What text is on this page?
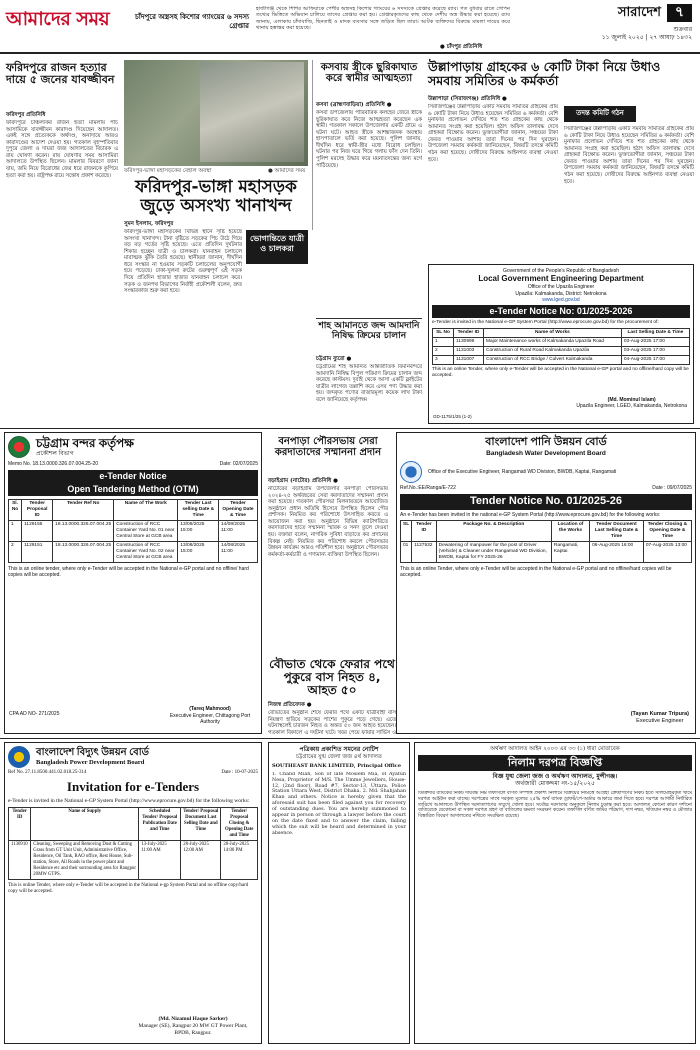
আমাদের সময়	চাঁদপুরে অস্ত্রসহ কিশোর গ্যাংয়ের ৬ সদস্য গ্রেপ্তার
হাজীগঞ্জ থেকে শিশির আফিয়াকে পেশীর অস্ত্রসহ কিশোর গ্যাংয়ের ৬ সদস্যকে গ্রেপ্তার করেছে র‍্যাব। গত বুধবার রাতে গোপন তথ্যের ভিত্তিতে অভিযান চালিয়ে তাদের গ্রেপ্তার করা হয়। গ্রেপ্তারকৃতদের কাছ থেকে দেশীয় অস্ত্র উদ্ধার করা হয়েছে। র‍্যাব জানায়, এলাকায় চাঁদাবাজি, ছিনতাই ও মাদক ব্যবসার সঙ্গে জড়িত ছিল তারা। আটক ব্যক্তিদের বিরুদ্ধে মামলা দায়ের করে থানায় হস্তান্তর করা হয়েছে।
● চাঁদপুর প্রতিনিধি
সারাদেশ ৭
শুক্রবার
১১ জুলাই ২০২৫ | ২৭ আষাঢ় ১৪৩২
ফরিদপুরে রাজন হত্যার দায়ে ৫ জনের যাবজ্জীবন
ফরিদপুর প্রতিনিধি
ফরিদপুরে চাঞ্চল্যকর রাজন হত্যা মামলায় পাঁচ আসামিকে যাবজ্জীবন কারাদণ্ড দিয়েছেন আদালত। একই সঙ্গে প্রত্যেককে অর্থদণ্ড, অনাদায়ে আরও কারাদণ্ডের আদেশ দেওয়া হয়। গতকাল বৃহস্পতিবার দুপুরে জেলা ও দায়রা জজ আদালতের বিচারক এ রায় ঘোষণা করেন। রায় ঘোষণার সময় আসামিরা আদালতে উপস্থিত ছিলেন। মামলার বিবরণে জানা যায়, জমি নিয়ে বিরোধের জের ধরে রাজনকে কুপিয়ে হত্যা করা হয়। রাষ্ট্রপক্ষ রায়ে সন্তোষ প্রকাশ করেছে।
ফরিদপুর-ভাঙ্গা মহাসড়কের বেহাল অবস্থা	● আমাদের সময়
ফরিদপুর-ভাঙ্গা মহাসড়ক জুড়ে অসংখ্য খানাখন্দ
সুমন ইসলাম, ফরিদপুর
ফরিদপুর-ভাঙ্গা মহাসড়কের বিভিন্ন স্থানে সৃষ্টি হয়েছে অসংখ্য খানাখন্দ। টানা বৃষ্টিতে সড়কের পিচ উঠে গিয়ে বড় বড় গর্তের সৃষ্টি হয়েছে। এতে প্রতিদিন দুর্ঘটনার শিকার হচ্ছেন যাত্রী ও চালকরা। যানবাহন চলাচলে মারাত্মক ঝুঁকি তৈরি হয়েছে। স্থানীয়রা জানান, দীর্ঘদিন ধরে সংস্কার না হওয়ায় সড়কটি চলাচলের অনুপযোগী হয়ে পড়েছে। ঢাকা-খুলনা রুটের গুরুত্বপূর্ণ এই সড়ক দিয়ে প্রতিদিন হাজার হাজার যানবাহন চলাচল করে। সড়ক ও জনপথ বিভাগের নির্বাহী প্রকৌশলী বলেন, দ্রুত সংস্কারকাজ শুরু করা হবে।
ভোগান্তিতে যাত্রী ও চালকরা
কসবায় স্ত্রীকে ছুরিকাঘাত করে স্বামীর আত্মহত্যা
কসবা (ব্রাহ্মণবাড়িয়া) প্রতিনিধি ●
কসবা উপজেলায় পারিবারিক কলহের জেরে স্ত্রীকে ছুরিকাঘাত করে নিজে আত্মহত্যা করেছেন এক স্বামী। গতকাল সকালে উপজেলার একটি গ্রামে এ ঘটনা ঘটে। আহত স্ত্রীকে আশঙ্কাজনক অবস্থায় হাসপাতালে ভর্তি করা হয়েছে। পুলিশ জানায়, দীর্ঘদিন ধরে স্বামী-স্ত্রীর মধ্যে বিরোধ চলছিল। ঘটনার পর নিজ ঘরে গিয়ে গলায় ফাঁস দেন তিনি। পুলিশ মরদেহ উদ্ধার করে ময়নাতদন্তের জন্য মর্গে পাঠিয়েছে।
উল্লাপাড়ায় গ্রাহকের ৬ কোটি টাকা নিয়ে উধাও সমবায় সমিতির ৬ কর্মকর্তা
উল্লাপাড়া (সিরাজগঞ্জ) প্রতিনিধি ●
সিরাজগঞ্জের উল্লাপাড়ায় একটি সমবায় সমিতির গ্রাহকের প্রায় ৬ কোটি টাকা নিয়ে উধাও হয়েছেন সমিতির ৬ কর্মকর্তা। বেশি মুনাফার প্রলোভন দেখিয়ে শত শত গ্রাহকের কাছ থেকে আমানত সংগ্রহ করা হয়েছিল। হঠাৎ অফিস তালাবদ্ধ দেখে গ্রাহকরা বিক্ষোভ করেন। ভুক্তভোগীরা জানান, সঞ্চয়ের টাকা ফেরত পাওয়ার আশায় তারা দিনের পর দিন ঘুরছেন। উপজেলা সমবায় কর্মকর্তা জানিয়েছেন, বিষয়টি তদন্তে কমিটি গঠন করা হয়েছে। দোষীদের বিরুদ্ধে আইনগত ব্যবস্থা নেওয়া হবে।
তদন্ত কমিটি গঠন
সিরাজগঞ্জের উল্লাপাড়ায় একটি সমবায় সমিতির গ্রাহকের প্রায় ৬ কোটি টাকা নিয়ে উধাও হয়েছেন সমিতির ৬ কর্মকর্তা। বেশি মুনাফার প্রলোভন দেখিয়ে শত শত গ্রাহকের কাছ থেকে আমানত সংগ্রহ করা হয়েছিল। হঠাৎ অফিস তালাবদ্ধ দেখে গ্রাহকরা বিক্ষোভ করেন। ভুক্তভোগীরা জানান, সঞ্চয়ের টাকা ফেরত পাওয়ার আশায় তারা দিনের পর দিন ঘুরছেন। উপজেলা সমবায় কর্মকর্তা জানিয়েছেন, বিষয়টি তদন্তে কমিটি গঠন করা হয়েছে। দোষীদের বিরুদ্ধে আইনগত ব্যবস্থা নেওয়া হবে।
শাহ আমানতে জব্দ আমদানি নিষিদ্ধ ক্রিমের চালান
চট্টগ্রাম ব্যুরো ●
চট্টগ্রামের শাহ আমানত আন্তর্জাতিক বিমানবন্দরে আমদানি নিষিদ্ধ বিপুল পরিমাণ ক্রিমের চালান জব্দ করেছে কাস্টমস। দুবাই থেকে আসা একটি ফ্লাইটের যাত্রীর লাগেজ তল্লাশি করে এসব পণ্য উদ্ধার করা হয়। জব্দকৃত পণ্যের বাজারমূল্য কয়েক লাখ টাকা বলে জানিয়েছে কর্তৃপক্ষ।
Government of the People's Republic of Bangladesh
Local Government Engineering Department
Office of the Upazila Engineer
Upazila: Kalmakanda, District: Netrokona
www.lged.gov.bd
e-Tender Notice No: 01/2025-2026
e-Tender is invited in the National e-GP System Portal (http://www.eprocure.gov.bd) for the procurement of:
SL No	Tender ID	Name of Works	Last Selling Date & Time
1	1130999	Major Maintenance works of Kalmakanda Upazila Road	03-Aug-2025 17:00
2	1131003	Construction of Rural Road Kalmakanda Upazila	03-Aug-2025 17:00
3	1131007	Construction of RCC Bridge / Culvert Kalmakanda	04-Aug-2025 17:00
This is an online Tender, where only e-Tender will be accepted in the National e-GP portal and no offline/hard copy will be accepted.
(Md. Mominul Islam)
Upazila Engineer, LGED, Kalmakanda, Netrokona
GD-1175/1/25 (1-2)
চট্টগ্রাম বন্দর কর্তৃপক্ষ
প্রকৌশল বিভাগ
Memo No. 18.13.0000.326.07.004.25-20	Date: 02/07/2025
e-Tender Notice
Open Tendering Method (OTM)
Sl. No	Tender Proposal ID	Tender Ref No	Name of The Work	Tender Last selling Date & Time	Tender Opening Date & Time
1	1129155	18.13.0000.326.07.004.25	Construction of RCC Container Yard No. 01 near Central Store at GCB area	13/08/2025 15:00	14/08/2025 11:00
2	1129151	18.13.0000.326.07.004.25	Construction of RCC Container Yard No. 02 near Central Store at GCB area	13/08/2025 15:00	14/08/2025 11:00
This is an online tender, where only e-Tender will be accepted in the National e-GP portal and no offline/ hard copies will be accepted.
CPA AD NO- 271/2025
(Tareq Mahmood)
Executive Engineer, Chittagong Port Authority
বনপাড়া পৌরসভায় সেরা করদাতাদের সম্মাননা প্রদান
বড়াইগ্রাম (নাটোর) প্রতিনিধি ●
নাটোরের বড়াইগ্রাম উপজেলার বনপাড়া পৌরসভায় ২০২৪-২৫ অর্থবছরের সেরা করদাতাদের সম্মাননা প্রদান করা হয়েছে। গতকাল পৌরসভা মিলনায়তনে আয়োজিত অনুষ্ঠানে প্রধান অতিথি হিসেবে উপস্থিত ছিলেন পৌর প্রশাসক। নিয়মিত কর পরিশোধে উৎসাহিত করতে এ আয়োজন করা হয়। অনুষ্ঠানে বিভিন্ন ক্যাটাগরিতে করদাতাদের হাতে সম্মাননা স্মারক ও সনদ তুলে দেওয়া হয়। বক্তারা বলেন, নাগরিক সুবিধা বাড়াতে কর প্রদানের বিকল্প নেই। নিয়মিত কর পরিশোধ করলে পৌরসভার উন্নয়ন কার্যক্রম আরও গতিশীল হবে। অনুষ্ঠানে পৌরসভার কর্মকর্তা-কর্মচারী ও গণ্যমান্য ব্যক্তিরা উপস্থিত ছিলেন।
বৌভাত থেকে ফেরার পথে পুকুরে বাস নিহত ৪, আহত ৫০
নিজস্ব প্রতিবেদক ●
বাংলাদেশ পানি উন্নয়ন বোর্ড
Bangladesh Water Development Board
Office of the Executive Engineer, Rangamati WD Division, BWDB, Kaptai, Rangamati
Ref.No.:EE/Ranga/E-722	Date : 09/07/2025
Tender Notice No. 01/2025-26
An e-Tender has been invited in the national e-GP System Portal (http://www.eprocure.gov.bd) for the following works:
SL	Tender ID	Package No. & Description	Location of the Works	Tender Document Last Selling Date & Time	Tender Closing & Opening Date & Time
01	1127532	Dewatering of manpower for the post of Driver (Vehicle) & Cleaner under Rangamati WD Division, BWDB, Kaptai for FY 2025-26	Rangamati, Kaptai	06-Aug-2025 16:00	07-Aug-2025 13:00
This is an online Tender, where only e-Tender will be accepted in the National e-GP portal and no offline/hard copies will be accepted.
(Tayan Kumar Tripura)
Executive Engineer
বৌভাতের অনুষ্ঠান শেষে ফেরার পথে একটি যাত্রীবাহী বাস নিয়ন্ত্রণ হারিয়ে সড়কের পাশের পুকুরে পড়ে গেছে। এতে ঘটনাস্থলেই চারজন নিহত ও অন্তত ৫০ জন আহত হয়েছেন। গতকাল বিকালে এ দুর্ঘটনা ঘটে। খবর পেয়ে ফায়ার সার্ভিস ও
বাংলাদেশ বিদ্যুৎ উন্নয়ন বোর্ড
Bangladesh Power Development Board
Ref No. 27.11.8500.441.02.018.25-314	Date : 10-07-2025
Invitation for e-Tenders
e-Tender is invited in the National e-GP System Portal (http://www.eprocure.gov.bd) for the following works:
Tender ID	Name of Supply	Scheduled Tender/ Proposal Publication Date and Time	Tender/ Proposal Document Last Selling Date and Time	Tender/ Proposal Closing & Opening Date and Time
1130910	Cleaning, Sweeping and Removing Dust & Cutting Grass from GT Unit Unit, Administrative Office, Residence, Oil Tank, RAO office, Rest House, Sub-station, Store, All Roads in the power plant and Residence etc and their surrounding area for Rangpur 20MW GTPS.	13-July-2025 11:00 AM	28-July-2025 12:00 AM	28-July-2025 14:00 PM
This is online Tender, where only e-Tender will be accepted in the National e-gp System Portal and no offline copy/hard copy will be accepted.
(Md. Nizamul Haque Sarker)
Manager (SE), Rangpur 20 MW GT Power Plant, BPDB, Rangpur.
পত্রিকায় প্রকাশিত সমনের নোটিশ
চট্টগ্রামের যুগ্ম জেলা জজ ৪র্থ আদালত
SOUTHEAST BANK LIMITED, Principal Office
1. Chand Miah, Son of late Moslem Mia, of Ayatun Nesa, Proprietor of M/S. The Umme Jewellers, House-12, (2nd floor), Road #7, Sector-13, Uttara, Police Station Uttara West, District Dhaka. 2. Md. Shahjahan Khan and others. Notice is hereby given that the aforesaid suit has been filed against you for recovery of outstanding dues. You are hereby summoned to appear in person or through a lawyer before the court on the date fixed and to answer the claim, failing which the suit will be heard and determined in your absence.
অর্থঋণ আদালত আইন ২০০৩ এর ৩৩ (১) ধারা মোতাবেক
নিলাম দরপত্র বিজ্ঞপ্তি
বিজ্ঞ যুগ্ম জেলা জজ ও অর্থঋণ আদালত, মুন্সীগঞ্জ।
অর্থজারী মোকদ্দমা নং-১৫/২০২৫
ডিক্রিদার ব্যাংকের নিকট দায়বদ্ধ নিম্ন তফসিলে বর্ণিত সম্পত্তি প্রকাশ্য নিলামে বিক্রয়ের নিমিত্তে আগ্রহী ক্রেতাগণের নিকট হতে সীলমোহরকৃত খামে দরপত্র আহ্বান করা যাচ্ছে। দরপত্রের সাথে দরকৃত মূল্যের ২৫% অর্থ ব্যাংক ড্রাফট/পে-অর্ডার আকারে জমা দিতে হবে। দরপত্র আগামী নির্ধারিত তারিখে আদালতে উপস্থিত দরদাতাগণের সম্মুখে খোলা হবে। সর্বোচ্চ দরদাতার অনুকূলে নিলাম চূড়ান্ত করা হবে। আদালত কোনো কারণ দর্শানো ব্যতিরেকে যেকোনো বা সকল দরপত্র গ্রহণ বা বাতিলের ক্ষমতা সংরক্ষণ করেন। তফসিল বর্ণিত জমির পরিমাণ, দাগ নম্বর, খতিয়ান নম্বর ও মৌজার বিস্তারিত বিবরণ আদালতের নথিতে সংরক্ষিত রয়েছে।
